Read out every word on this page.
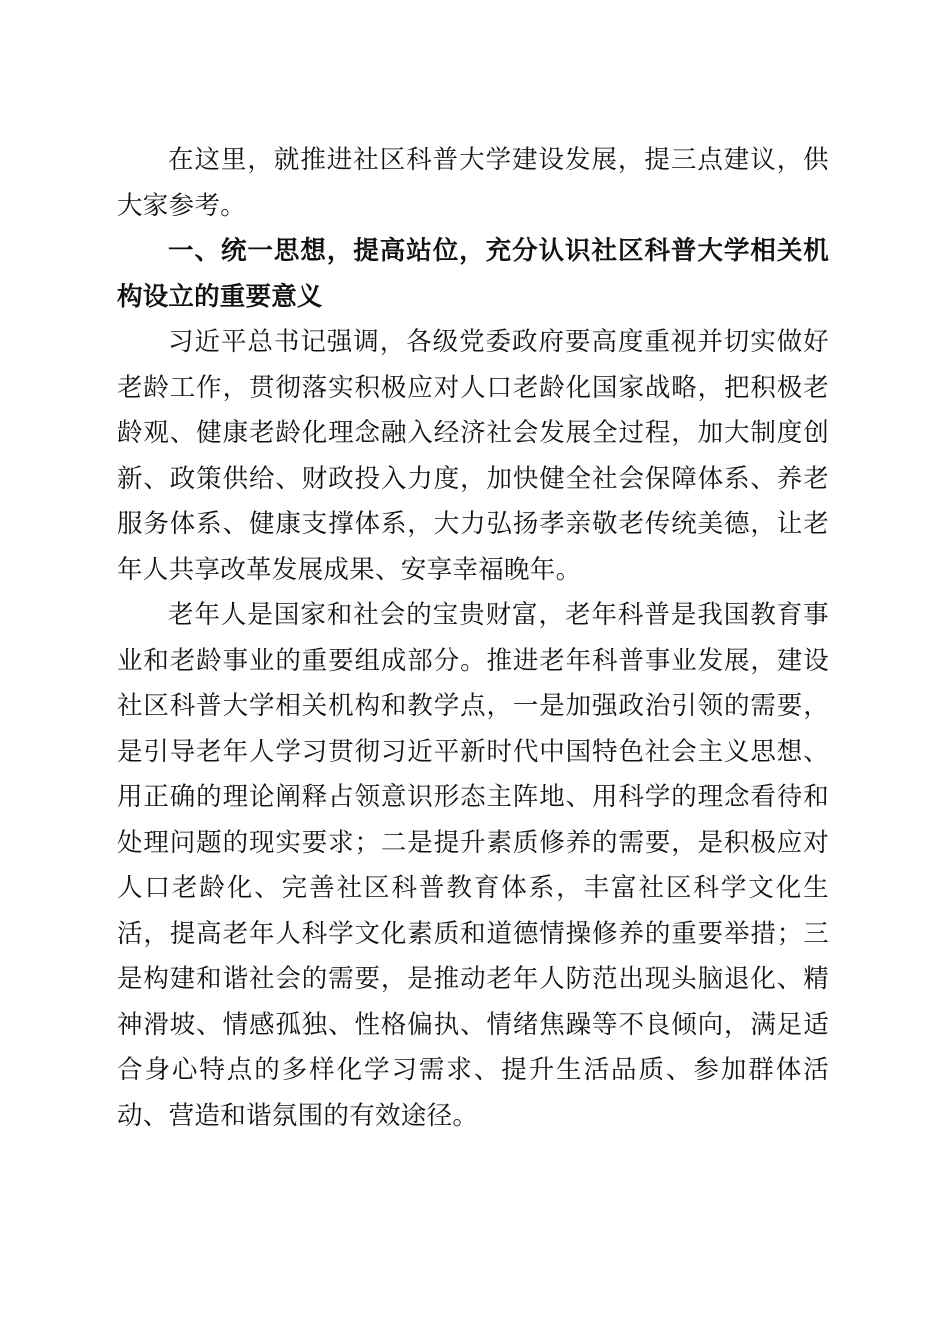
在这里，就推进社区科普大学建设发展，提三点建议，供大家参考。

一、统一思想，提高站位，充分认识社区科普大学相关机构设立的重要意义

习近平总书记强调，各级党委政府要高度重视并切实做好老龄工作，贯彻落实积极应对人口老龄化国家战略，把积极老龄观、健康老龄化理念融入经济社会发展全过程，加大制度创新、政策供给、财政投入力度，加快健全社会保障体系、养老服务体系、健康支撑体系，大力弘扬孝亲敬老传统美德，让老年人共享改革发展成果、安享幸福晚年。

老年人是国家和社会的宝贵财富，老年科普是我国教育事业和老龄事业的重要组成部分。推进老年科普事业发展，建设社区科普大学相关机构和教学点，一是加强政治引领的需要，是引导老年人学习贯彻习近平新时代中国特色社会主义思想、用正确的理论阐释占领意识形态主阵地、用科学的理念看待和处理问题的现实要求；二是提升素质修养的需要，是积极应对人口老龄化、完善社区科普教育体系，丰富社区科学文化生活，提高老年人科学文化素质和道德情操修养的重要举措；三是构建和谐社会的需要，是推动老年人防范出现头脑退化、精神滑坡、情感孤独、性格偏执、情绪焦躁等不良倾向，满足适合身心特点的多样化学习需求、提升生活品质、参加群体活动、营造和谐氛围的有效途径。
